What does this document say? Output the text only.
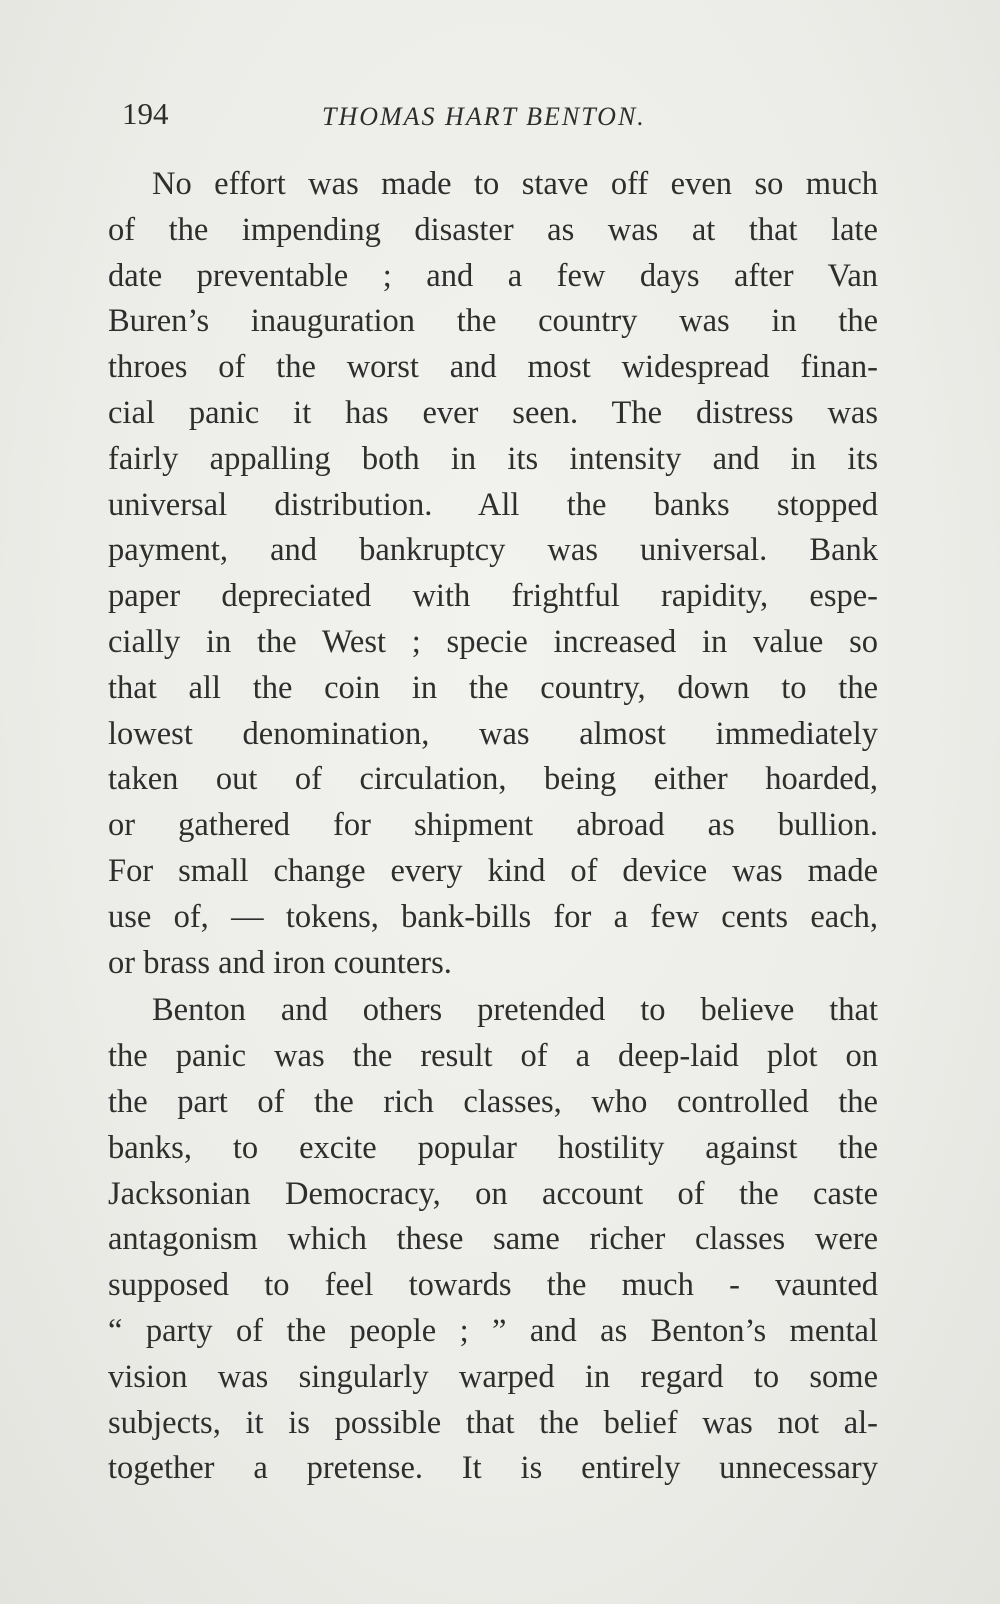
194	THOMAS HART BENTON.
No effort was made to stave off even so much
of the impending disaster as was at that late
date preventable ; and a few days after Van
Buren’s inauguration the country was in the
throes of the worst and most widespread finan-
cial panic it has ever seen. The distress was
fairly appalling both in its intensity and in its
universal distribution. All the banks stopped
payment, and bankruptcy was universal. Bank
paper depreciated with frightful rapidity, espe-
cially in the West ; specie increased in value so
that all the coin in the country, down to the
lowest denomination, was almost immediately
taken out of circulation, being either hoarded,
or gathered for shipment abroad as bullion.
For small change every kind of device was made
use of, — tokens, bank-bills for a few cents each,
or brass and iron counters.
Benton and others pretended to believe that
the panic was the result of a deep-laid plot on
the part of the rich classes, who controlled the
banks, to excite popular hostility against the
Jacksonian Democracy, on account of the caste
antagonism which these same richer classes were
supposed to feel towards the much - vaunted
“ party of the people ; ” and as Benton’s mental
vision was singularly warped in regard to some
subjects, it is possible that the belief was not al-
together a pretense. It is entirely unnecessary
